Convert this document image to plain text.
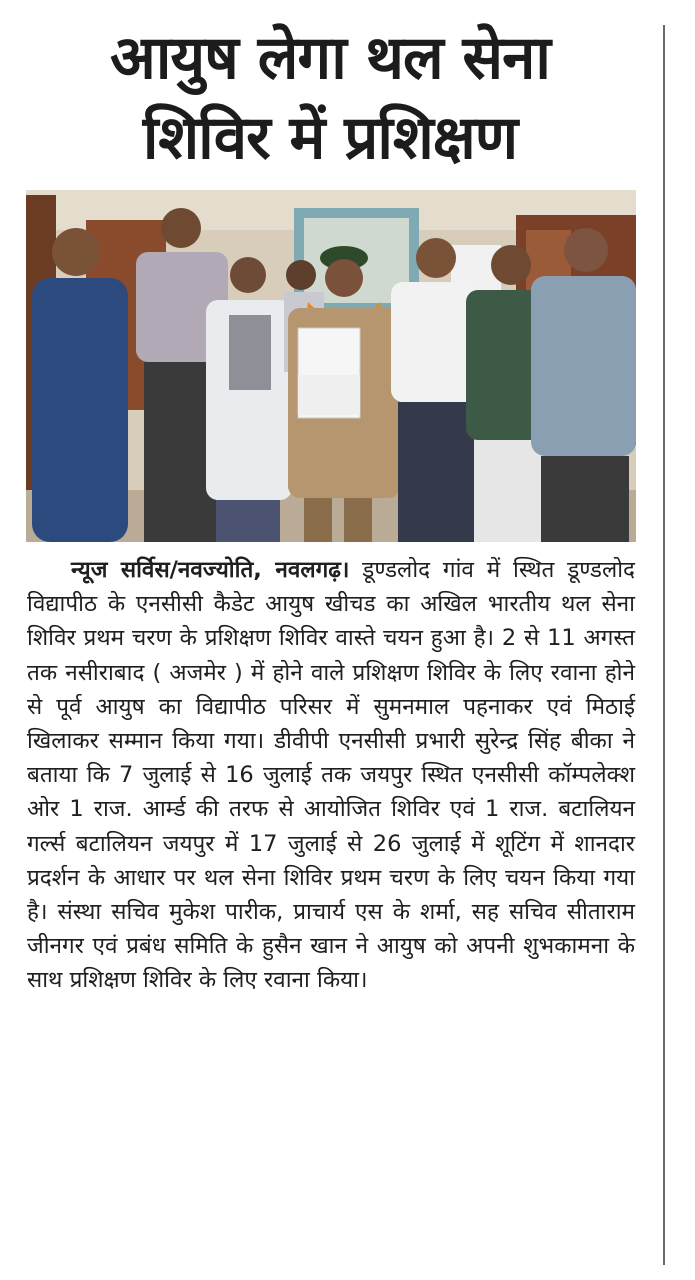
आयुष लेगा थल सेना
शिविर में प्रशिक्षण

न्यूज सर्विस/नवज्योति, नवलगढ़। डूण्डलोद गांव में स्थित डूण्डलोद विद्यापीठ के एनसीसी कैडेट आयुष खीचड का अखिल भारतीय थल सेना शिविर प्रथम चरण के प्रशिक्षण शिविर वास्ते चयन हुआ है। 2 से 11 अगस्त तक नसीराबाद ( अजमेर ) में होने वाले प्रशिक्षण शिविर के लिए रवाना होने से पूर्व आयुष का विद्यापीठ परिसर में सुमनमाल पहनाकर एवं मिठाई खिलाकर सम्मान किया गया। डीवीपी एनसीसी प्रभारी सुरेन्द्र सिंह बीका ने बताया कि 7 जुलाई से 16 जुलाई तक जयपुर स्थित एनसीसी कॉम्पलेक्श ओर 1 राज. आर्म्ड की तरफ से आयोजित शिविर एवं 1 राज. बटालियन गर्ल्स बटालियन जयपुर में 17 जुलाई से 26 जुलाई में शूटिंग में शानदार प्रदर्शन के आधार पर थल सेना शिविर प्रथम चरण के लिए चयन किया गया है। संस्था सचिव मुकेश पारीक, प्राचार्य एस के शर्मा, सह सचिव सीताराम जीनगर एवं प्रबंध समिति के हुसैन खान ने आयुष को अपनी शुभकामना के साथ प्रशिक्षण शिविर के लिए रवाना किया।
